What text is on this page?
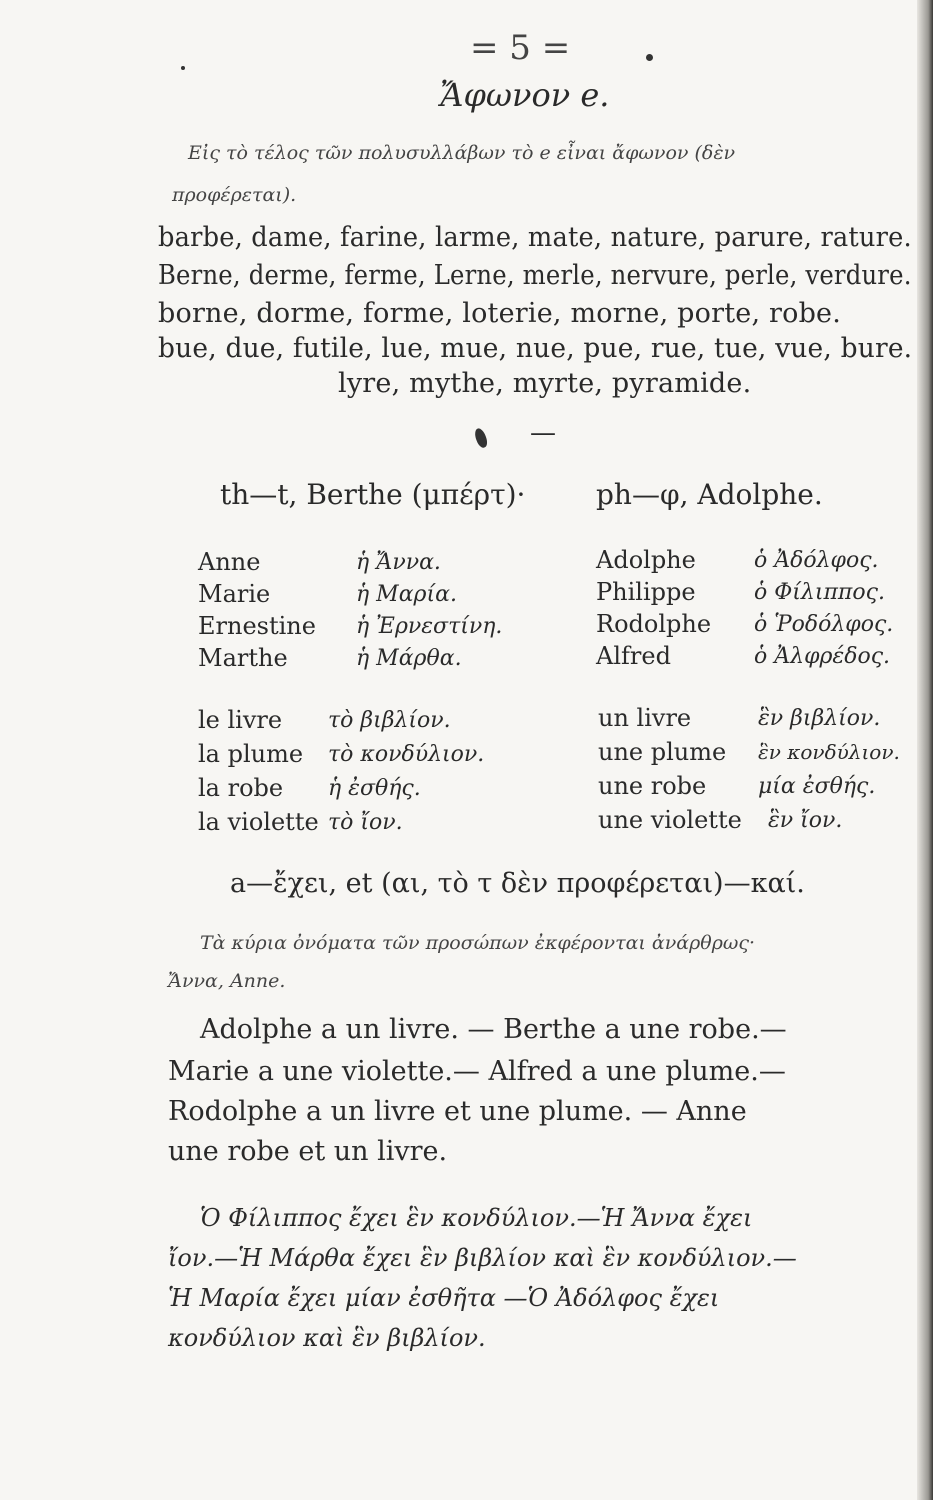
= 5 =
Ἄφωνον e.
Εἰς τὸ τέλος τῶν πολυσυλλάβων τὸ e εἶναι ἄφωνον (δὲν
προφέρεται).
barbe, dame, farine, larme, mate, nature, parure, rature.
Berne, derme, ferme, Lerne, merle, nervure, perle, verdure.
borne, dorme, forme, loterie, morne, porte, robe.
bue, due, futile, lue, mue, nue, pue, rue, tue, vue, bure.
lyre, mythe, myrte, pyramide.
—
th—t, Berthe (μπέρτ)·	ph—φ, Adolphe.
Anne	ἡ Ἄννα.
Marie	ἡ Μαρία.
Ernestine ἡ Ἐρνεστίνη.
Marthe	ἡ Μάρθα.
Adolphe	ὁ Ἀδόλφος.
Philippe	ὁ Φίλιππος.
Rodolphe ὁ Ῥοδόλφος.
Alfred	ὁ Ἀλφρέδος.
le livre τὸ βιβλίον.
la plume τὸ κονδύλιον.
la robe ἡ ἐσθής.
la violette τὸ ἴον.
un livre	ἓν βιβλίον.
une plume ἓν κονδύλιον.
une robe μία ἐσθής.
une violette ἓν ἴον.
a—ἔχει, et (αι, τὸ τ δὲν προφέρεται)—καί.
Τὰ κύρια ὀνόματα τῶν προσώπων ἐκφέρονται ἀνάρθρως·
Ἄννα, Anne.
Adolphe a un livre. — Berthe a une robe.—
Marie a une violette.— Alfred a une plume.—
Rodolphe a un livre et une plume. — Anne
une robe et un livre.
Ὁ Φίλιππος ἔχει ἓν κονδύλιον.—Ἡ Ἄννα ἔχει
ἴον.—Ἡ Μάρθα ἔχει ἓν βιβλίον καὶ ἓν κονδύλιον.—
Ἡ Μαρία ἔχει μίαν ἐσθῆτα —Ὁ Ἀδόλφος ἔχει
κονδύλιον καὶ ἓν βιβλίον.
